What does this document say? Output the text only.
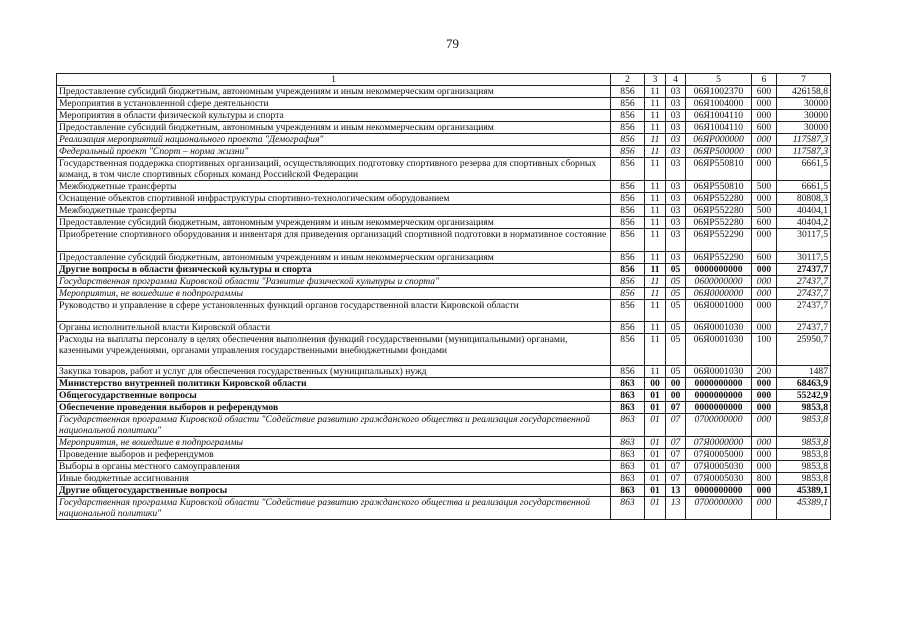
79
1	2	3	4	5	6	7
Предоставление субсидий бюджетным, автономным учреждениям и иным некоммерческим организациям	856	11	03	06Я1002370	600	426158,8
Мероприятия в установленной сфере деятельности	856	11	03	06Я1004000	000	30000
Мероприятия в области физической культуры и спорта	856	11	03	06Я1004110	000	30000
Предоставление субсидий бюджетным, автономным учреждениям и иным некоммерческим организациям	856	11	03	06Я1004110	600	30000
Реализация мероприятий национального проекта "Демография"	856	11	03	06ЯР000000	000	117587,3
Федеральный проект "Спорт – норма жизни"	856	11	03	06ЯР500000	000	117587,3
Государственная поддержка спортивных организаций, осуществляющих подготовку спортивного резерва для спортивных сборных команд, в том числе спортивных сборных команд Российской Федерации	856	11	03	06ЯР550810	000	6661,5
Межбюджетные трансферты	856	11	03	06ЯР550810	500	6661,5
Оснащение объектов спортивной инфраструктуры спортивно-технологическим оборудованием	856	11	03	06ЯР552280	000	80808,3
Межбюджетные трансферты	856	11	03	06ЯР552280	500	40404,1
Предоставление субсидий бюджетным, автономным учреждениям и иным некоммерческим организациям	856	11	03	06ЯР552280	600	40404,2
Приобретение спортивного оборудования и инвентаря для приведения организаций спортивной подготовки в нормативное состояние	856	11	03	06ЯР552290	000	30117,5
Предоставление субсидий бюджетным, автономным учреждениям и иным некоммерческим организациям	856	11	03	06ЯР552290	600	30117,5
Другие вопросы в области физической культуры и спорта	856	11	05	0000000000	000	27437,7
Государственная программа Кировской области "Развитие физической культуры и спорта"	856	11	05	0600000000	000	27437,7
Мероприятия, не вошедшие в подпрограммы	856	11	05	06Я0000000	000	27437,7
Руководство и управление в сфере установленных функций органов государственной власти Кировской области	856	11	05	06Я0001000	000	27437,7
Органы исполнительной власти Кировской области	856	11	05	06Я0001030	000	27437,7
Расходы на выплаты персоналу в целях обеспечения выполнения функций государственными (муниципальными) органами, казенными учреждениями, органами управления государственными внебюджетными фондами	856	11	05	06Я0001030	100	25950,7
Закупка товаров, работ и услуг для обеспечения государственных (муниципальных) нужд	856	11	05	06Я0001030	200	1487
Министерство внутренней политики Кировской области	863	00	00	0000000000	000	68463,9
Общегосударственные вопросы	863	01	00	0000000000	000	55242,9
Обеспечение проведения выборов и референдумов	863	01	07	0000000000	000	9853,8
Государственная программа Кировской области "Содействие развитию гражданского общества и реализация государственной национальной политики"	863	01	07	0700000000	000	9853,8
Мероприятия, не вошедшие в подпрограммы	863	01	07	07Я0000000	000	9853,8
Проведение выборов и референдумов	863	01	07	07Я0005000	000	9853,8
Выборы в органы местного самоуправления	863	01	07	07Я0005030	000	9853,8
Иные бюджетные ассигнования	863	01	07	07Я0005030	800	9853,8
Другие общегосударственные вопросы	863	01	13	0000000000	000	45389,1
Государственная программа Кировской области "Содействие развитию гражданского общества и реализация государственной национальной политики"	863	01	13	0700000000	000	45389,1
